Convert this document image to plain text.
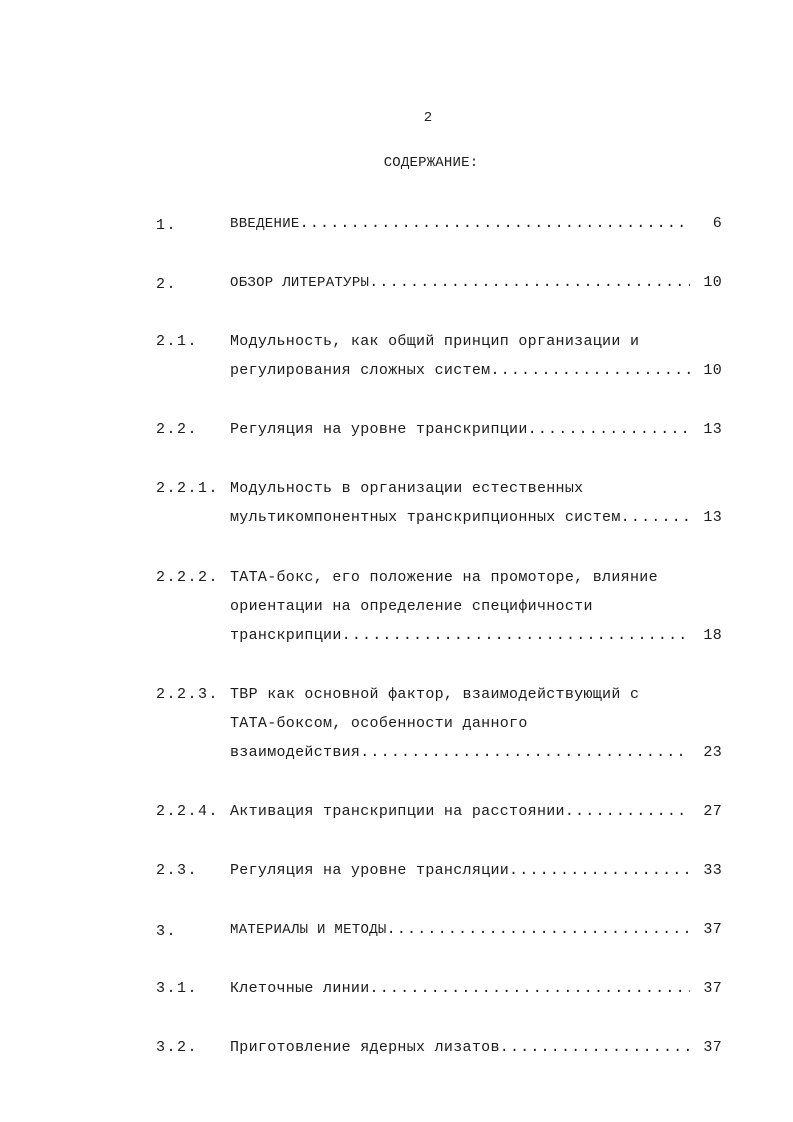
2
СОДЕРЖАНИЕ:
1.	ВВЕДЕНИЕ .....	6
2.	ОБЗОР ЛИТЕРАТУРЫ .....	10
2.1. Модульность, как общий принцип организации и
регулирования сложных систем .....	10
2.2. Регуляция на уровне транскрипции .....	13
2.2.1. Модульность в организации естественных
мультикомпонентных транскрипционных систем .....	13
2.2.2. ТАТА-бокс, его положение на промоторе, влияние
ориентации на определение специфичности
транскрипции .....	18
2.2.3. ТВР как основной фактор, взаимодействующий с
ТАТА-боксом, особенности данного
взаимодействия .....	23
2.2.4. Активация транскрипции на расстоянии .....	27
2.3. Регуляция на уровне трансляции .....	33
3.	МАТЕРИАЛЫ И МЕТОДЫ .....	37
3.1. Клеточные линии .....	37
3.2. Приготовление ядерных лизатов .....	37
